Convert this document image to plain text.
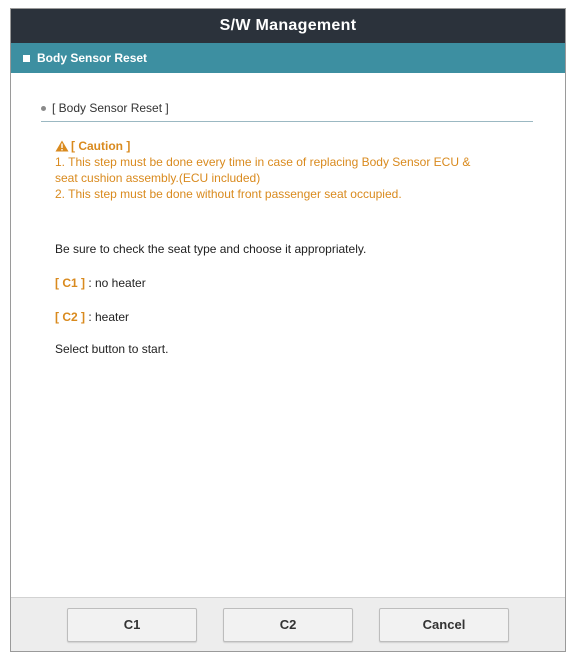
S/W Management
Body Sensor Reset
[ Body Sensor Reset ]
[ Caution ]
1. This step must be done every time in case of replacing Body Sensor ECU &
seat cushion assembly.(ECU included)
2. This step must be done without front passenger seat occupied.
Be sure to check the seat type and choose it appropriately.
[ C1 ] : no heater
[ C2 ] : heater
Select button to start.
C1	C2	Cancel
